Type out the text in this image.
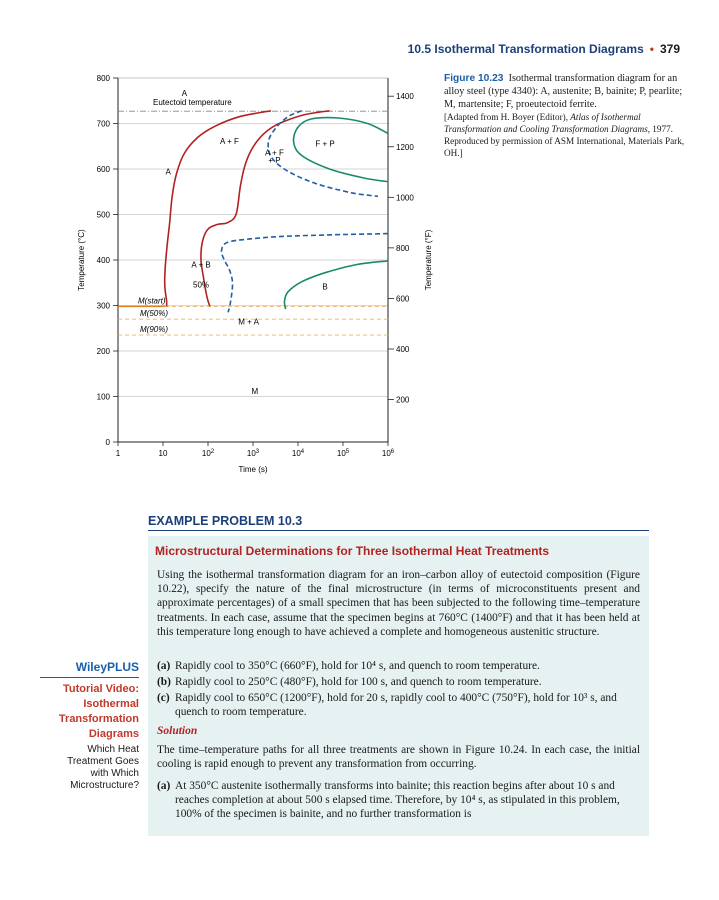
10.5 Isothermal Transformation Diagrams • 379
0
100
200
300
400
500
600
700
800
200
400
600
800
1000
1200
1400
1	10	$10^2$	$10^3$	$10^4$	$10^5$	$10^6$
M(start)
M(50%)
M(90%)
A
A
A + F	F + P
A + F
+ P
A + B
50%	B
M + A
M
Time (s)
Temperature (°C)	Temperature (°F)
Eutectoid temperature
Figure 10.23 Isothermal transformation diagram for an alloy steel (type 4340): A, austenite; B, bainite; P, pearlite; M, martensite; F, proeutectoid ferrite.
[Adapted from H. Boyer (Editor), Atlas of Isothermal Transformation and Cooling Transformation Diagrams, 1977. Reproduced by permission of ASM International, Materials Park, OH.]
EXAMPLE PROBLEM 10.3
Microstructural Determinations for Three Isothermal Heat Treatments
Using the isothermal transformation diagram for an iron–carbon alloy of eutectoid composition (Figure 10.22), specify the nature of the final microstructure (in terms of microconstituents present and approximate percentages) of a small specimen that has been subjected to the following time–temperature treatments. In each case, assume that the specimen begins at 760°C (1400°F) and that it has been held at this temperature long enough to have achieved a complete and homogeneous austenitic structure.
(a) Rapidly cool to 350°C (660°F), hold for 10⁴ s, and quench to room temperature.
(b) Rapidly cool to 250°C (480°F), hold for 100 s, and quench to room temperature.
(c) Rapidly cool to 650°C (1200°F), hold for 20 s, rapidly cool to 400°C (750°F), hold for 10³ s, and quench to room temperature.
Solution
The time–temperature paths for all three treatments are shown in Figure 10.24. In each case, the initial cooling is rapid enough to prevent any transformation from occurring.
(a) At 350°C austenite isothermally transforms into bainite; this reaction begins after about 10 s and reaches completion at about 500 s elapsed time. Therefore, by 10⁴ s, as stipulated in this problem, 100% of the specimen is bainite, and no further transformation is
WileyPLUS
Tutorial Video:
Isothermal
Transformation
Diagrams
Which Heat
Treatment Goes
with Which
Microstructure?
